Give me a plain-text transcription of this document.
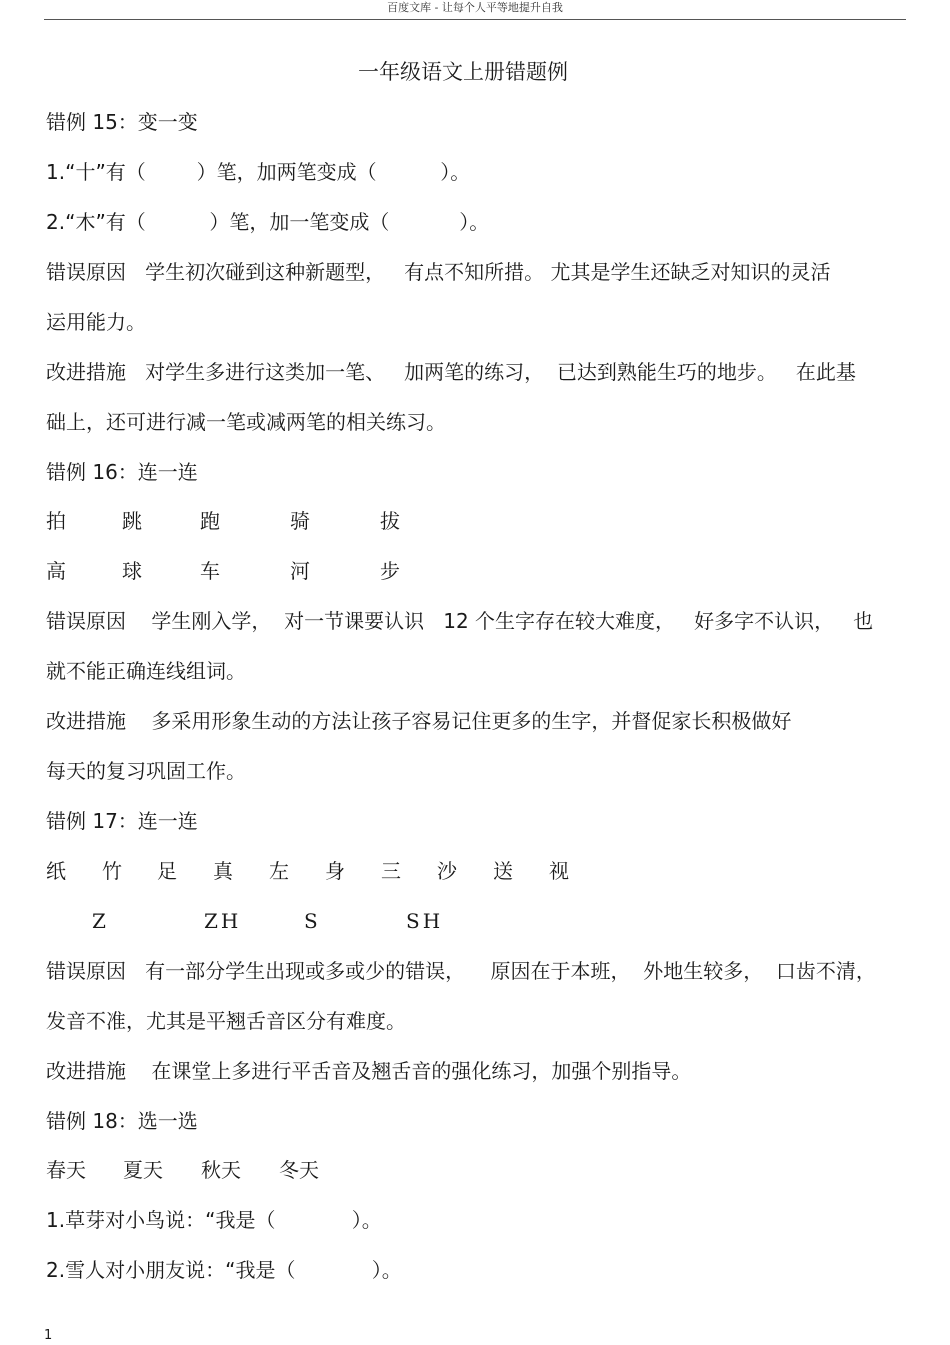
百度文库 - 让每个人平等地提升自我
一年级语文上册错题例
错例 15：变一变
1.“十”有（        ）笔，加两笔变成（          ）。
2.“木”有（          ）笔，加一笔变成（           ）。
错误原因   学生初次碰到这种新题型，   有点不知所措。 尤其是学生还缺乏对知识的灵活
运用能力。
改进措施   对学生多进行这类加一笔、   加两笔的练习，  已达到熟能生巧的地步。   在此基
础上，还可进行减一笔或减两笔的相关练习。
错例 16：连一连
拍	跳	跑	骑	拔
高	球	车	河	步
错误原因    学生刚入学，  对一节课要认识   12 个生字存在较大难度，   好多字不认识，   也
就不能正确连线组词。
改进措施    多采用形象生动的方法让孩子容易记住更多的生字，并督促家长积极做好
每天的复习巩固工作。
错例 17：连一连
纸 竹 足 真 左 身 三 沙 送 视
Z	ZH	S	SH
错误原因   有一部分学生出现或多或少的错误，    原因在于本班，  外地生较多，  口齿不清，
发音不准，尤其是平翘舌音区分有难度。
改进措施    在课堂上多进行平舌音及翘舌音的强化练习，加强个别指导。
错例 18：选一选
春天 夏天 秋天 冬天
1.草芽对小鸟说：“我是（            ）。
2.雪人对小朋友说：“我是（            ）。
1
